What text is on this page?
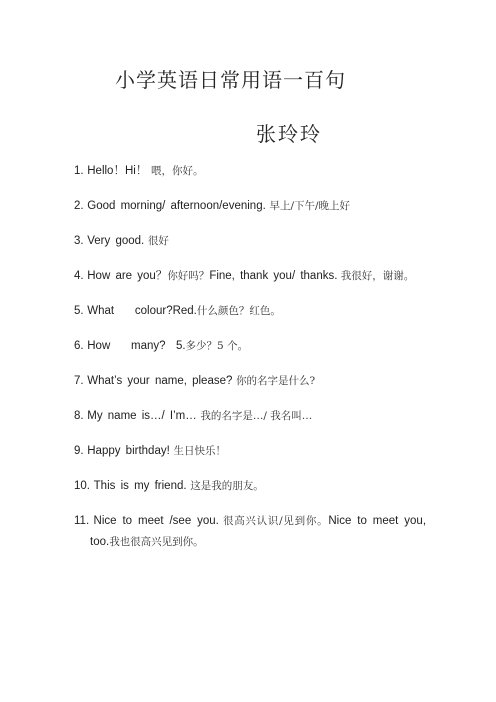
小学英语日常用语一百句
张玲玲
1. Hello！Hi！ 喂，你好。
2. Good morning/ afternoon/evening. 早上/下午/晚上好
3. Very good. 很好
4. How are you？你好吗？Fine, thank you/ thanks. 我很好，谢谢。
5. What    colour?Red.什么颜色？红色。
6. How    many?  5.多少？5 个。
7. What’s your name, please? 你的名字是什么?
8. My name is…/ I’m… 我的名字是…/ 我名叫…
9. Happy birthday! 生日快乐！
10. This is my friend. 这是我的朋友。
11. Nice to meet /see you. 很高兴认识/见到你。Nice to meet you, too.我也很高兴见到你。
